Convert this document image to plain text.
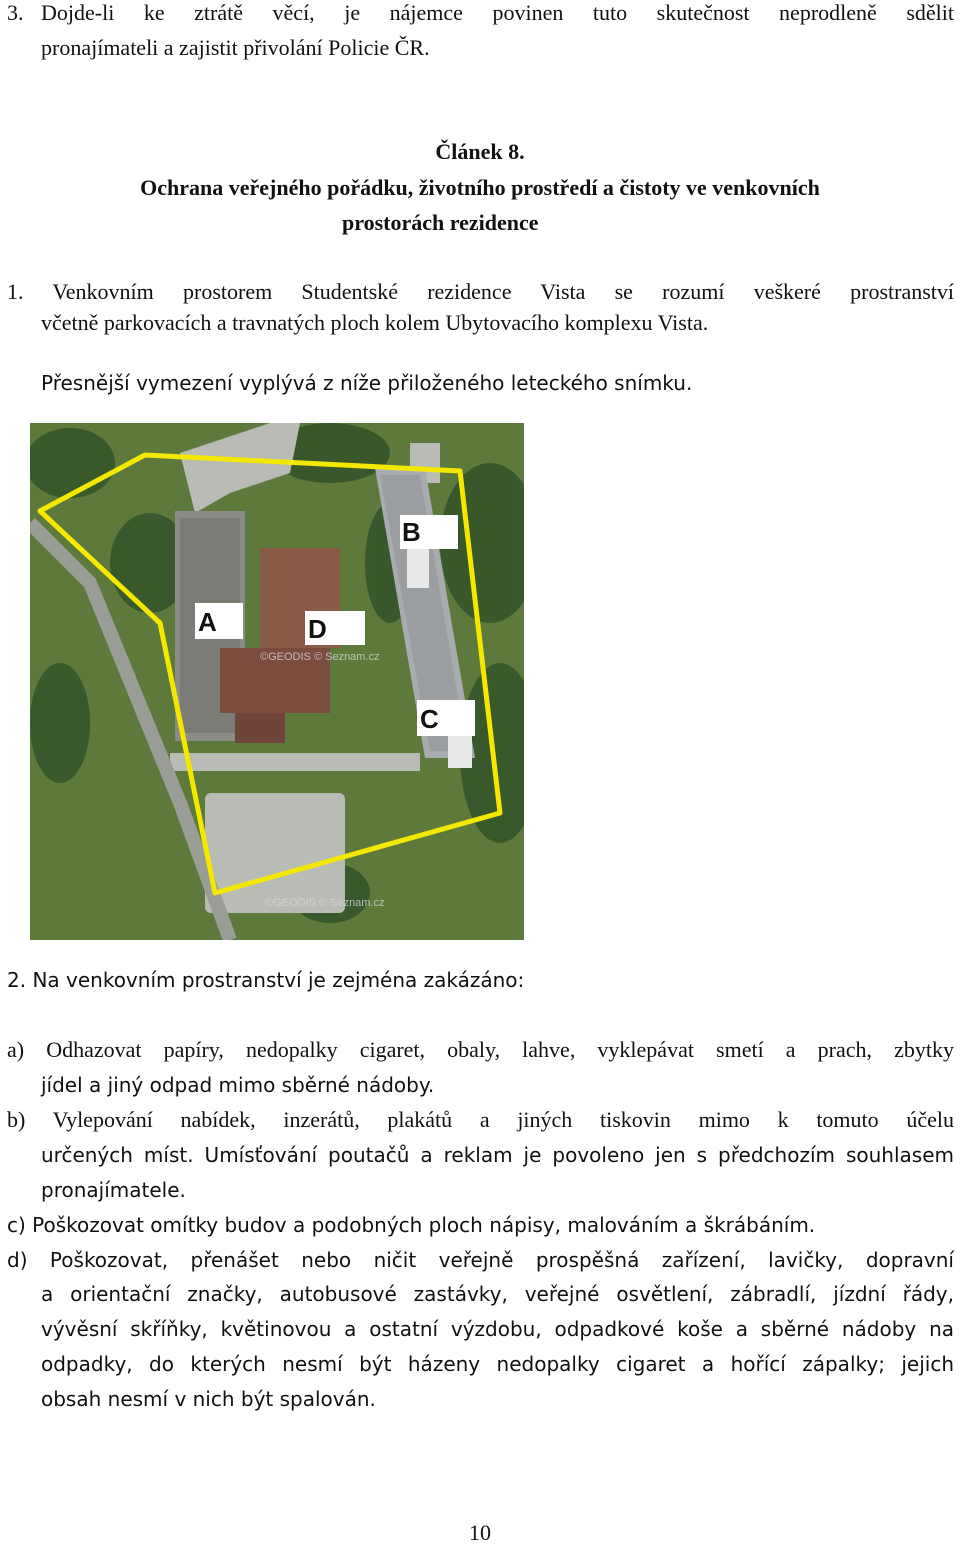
3. Dojde-li ke ztrátě věcí, je nájemce povinen tuto skutečnost neprodleně sdělit
pronajímateli a zajistit přivolání Policie ČR.
Článek 8.
Ochrana veřejného pořádku, životního prostředí a čistoty ve venkovních
prostorách rezidence
1. Venkovním prostorem Studentské rezidence Vista se rozumí veškeré prostranství
včetně parkovacích a travnatých ploch kolem Ubytovacího komplexu Vista.
Přesnější vymezení vyplývá z níže přiloženého leteckého snímku.
A
B
C
D
©GEODIS © Seznam.cz
©GEODIS © Seznam.cz
2. Na venkovním prostranství je zejména zakázáno:
a) Odhazovat papíry, nedopalky cigaret, obaly, lahve, vyklepávat smetí a prach, zbytky
jídel a jiný odpad mimo sběrné nádoby.
b) Vylepování nabídek, inzerátů, plakátů a jiných tiskovin mimo k tomuto účelu
určených míst. Umísťování poutačů a reklam je povoleno jen s předchozím souhlasem
pronajímatele.
c) Poškozovat omítky budov a podobných ploch nápisy, malováním a škrábáním.
d) Poškozovat, přenášet nebo ničit veřejně prospěšná zařízení, lavičky, dopravní
a orientační značky, autobusové zastávky, veřejné osvětlení, zábradlí, jízdní řády,
vývěsní skříňky, květinovou a ostatní výzdobu, odpadkové koše a sběrné nádoby na
odpadky, do kterých nesmí být házeny nedopalky cigaret a hořící zápalky; jejich
obsah nesmí v nich být spalován.
10
